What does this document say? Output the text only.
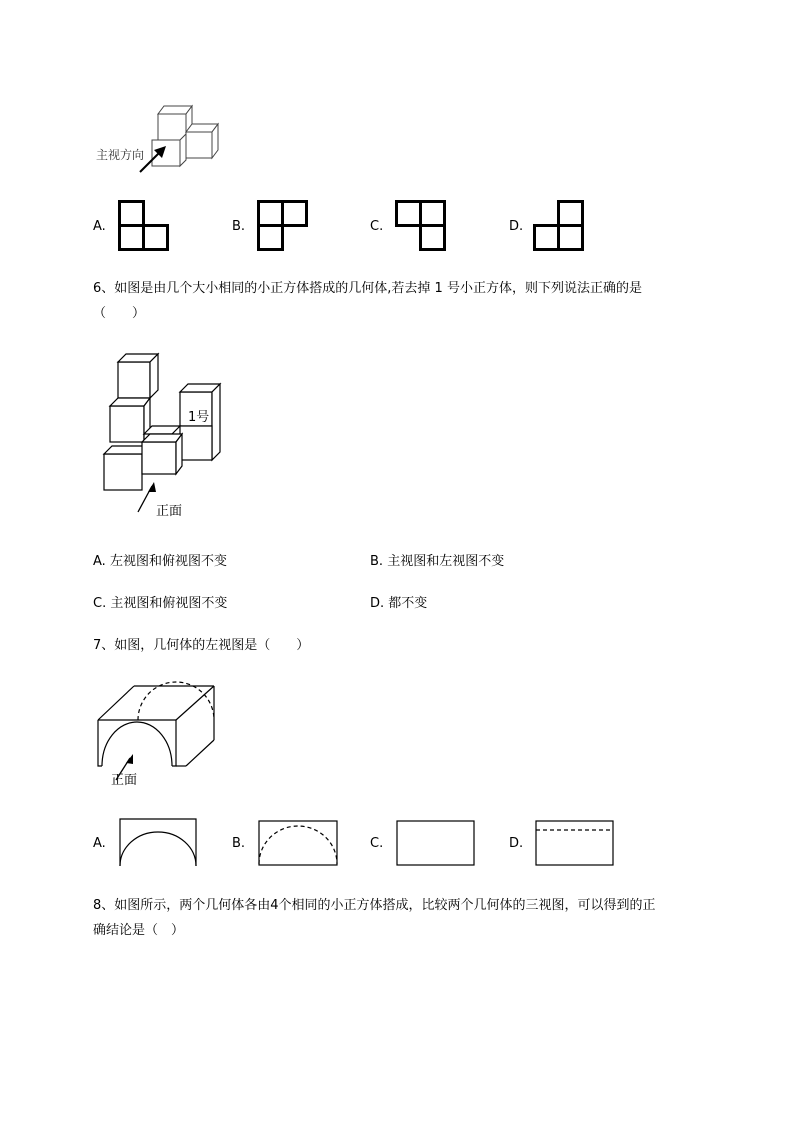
主视方向
A.	B.	C.	D.
6、如图是由几个大小相同的小正方体搭成的几何体,若去掉 1 号小正方体，则下列说法正确的是
（　　）
1号
正面
A. 左视图和俯视图不变	B. 主视图和左视图不变
C. 主视图和俯视图不变	D. 都不变
7、如图，几何体的左视图是（　　）
正面
A.	B.	C.	D.
8、如图所示，两个几何体各由4个相同的小正方体搭成，比较两个几何体的三视图，可以得到的正
确结论是（　）
